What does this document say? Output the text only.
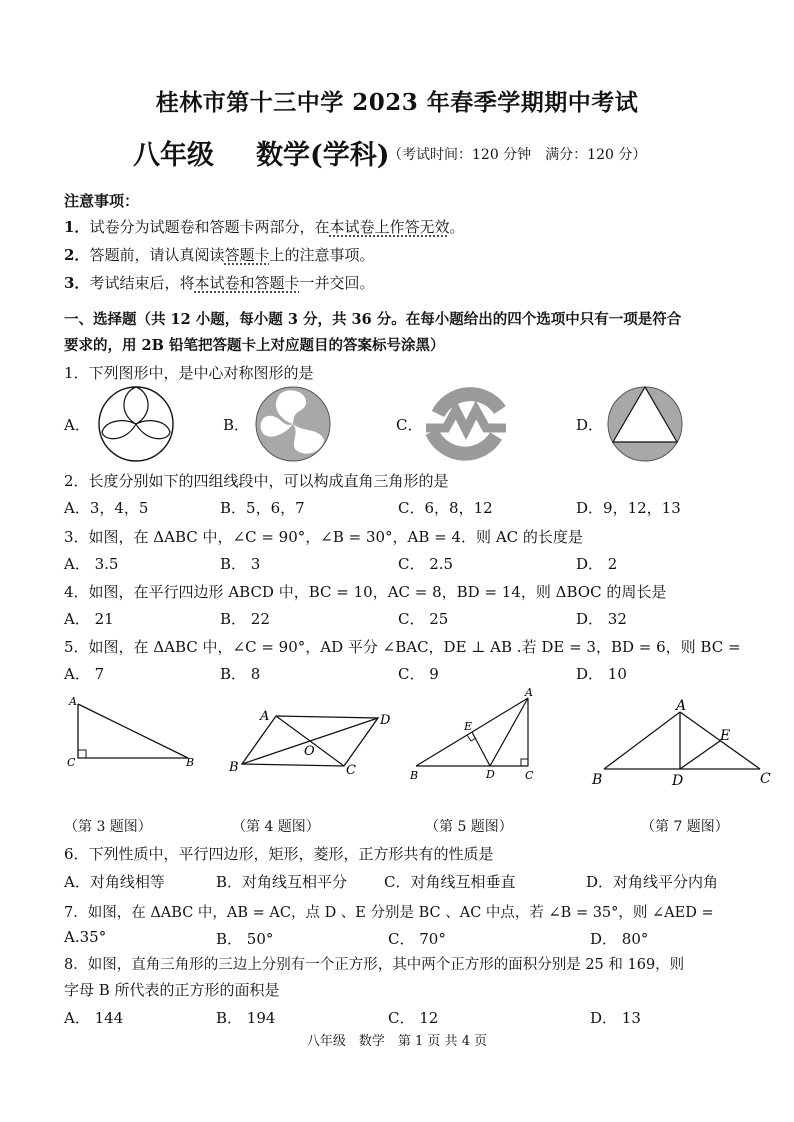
桂林市第十三中学 2023 年春季学期期中考试
八年级 数学(学科)
（考试时间：120 分钟　满分：120 分）
注意事项：
1．试卷分为试题卷和答题卡两部分，在本试卷上作答无效。
2．答题前，请认真阅读答题卡上的注意事项。
3．考试结束后，将本试卷和答题卡一并交回。
一、选择题（共 12 小题，每小题 3 分，共 36 分。在每小题给出的四个选项中只有一项是符合
要求的，用 2B 铅笔把答题卡上对应题目的答案标号涂黑）
1．下列图形中，是中心对称图形的是
A．	B．	C．	D．
2．长度分别如下的四组线段中，可以构成直角三角形的是
A．3，4，5	B．5，6，7	C．6，8，12	D．9，12，13
3．如图，在 ΔABC 中，∠C = 90°，∠B = 30°，AB = 4．则 AC 的长度是
A． 3.5	B． 3	C． 2.5	D． 2
4．如图，在平行四边形 ABCD 中，BC = 10，AC = 8，BD = 14，则 ΔBOC 的周长是
A． 21	B． 22	C． 25	D． 32
5．如图，在 ΔABC 中，∠C = 90°，AD 平分 ∠BAC，DE ⊥ AB .若 DE = 3，BD = 6，则 BC =
A． 7	B． 8	C． 9	D． 10
A
C	B
A	D
B	C
O
A
E
B	D	C
A
E
B	D	C
（第 3 题图）	（第 4 题图）	（第 5 题图）	（第 7 题图）
6．下列性质中，平行四边形，矩形，菱形，正方形共有的性质是
A．对角线相等	B．对角线互相平分 C．对角线互相垂直	D．对角线平分内角
7．如图，在 ΔABC 中，AB = AC，点 D 、E 分别是 BC 、AC 中点，若 ∠B = 35°，则 ∠AED =
A.35°	B． 50°	C． 70°	D． 80°
8．如图，直角三角形的三边上分别有一个正方形，其中两个正方形的面积分别是 25 和 169，则
字母 B 所代表的正方形的面积是
A． 144	B． 194	C． 12	D． 13
八年级　数学　第 1 页 共 4 页
